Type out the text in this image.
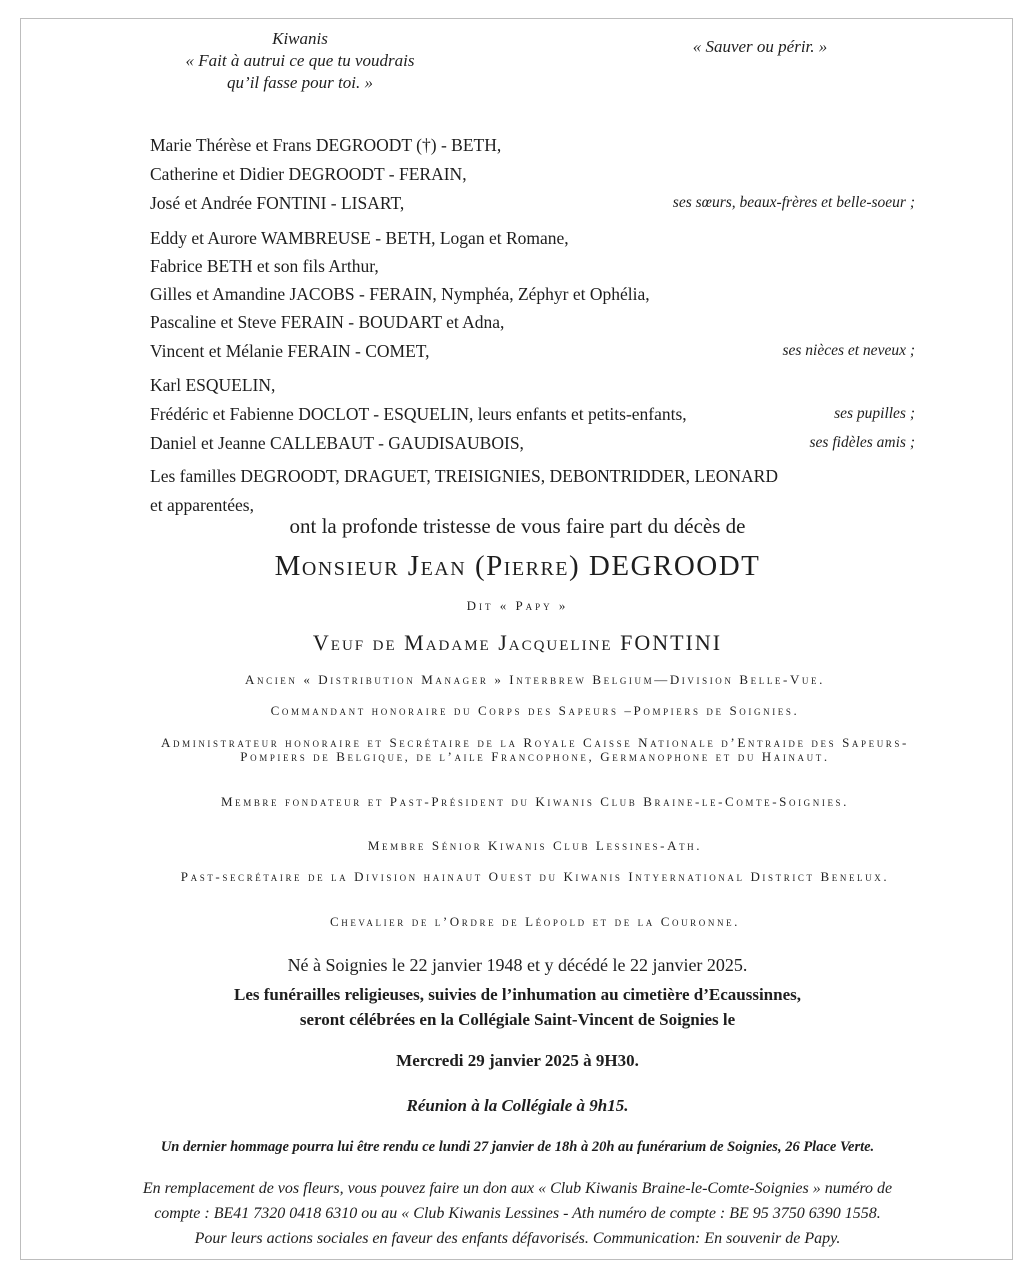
Kiwanis
« Fait à autrui ce que tu voudrais
qu’il fasse pour toi. »
« Sauver ou périr. »
Marie Thérèse et Frans DEGROODT (†) - BETH,
Catherine et Didier DEGROODT - FERAIN,
José et Andrée FONTINI - LISART,	ses sœurs, beaux-frères et belle-soeur ;
Eddy et Aurore WAMBREUSE - BETH, Logan et Romane,
Fabrice BETH et son fils Arthur,
Gilles et Amandine JACOBS - FERAIN, Nymphéa, Zéphyr et Ophélia,
Pascaline et Steve FERAIN - BOUDART et Adna,
Vincent et Mélanie FERAIN - COMET,	ses nièces et neveux ;
Karl ESQUELIN,
Frédéric et Fabienne DOCLOT - ESQUELIN, leurs enfants et petits-enfants,	ses pupilles ;
Daniel et Jeanne CALLEBAUT - GAUDISAUBOIS,	ses fidèles amis ;
Les familles DEGROODT, DRAGUET, TREISIGNIES, DEBONTRIDDER, LEONARD
et apparentées,
ont la profonde tristesse de vous faire part du décès de
Monsieur Jean (Pierre) DEGROODT
Dit « Papy »
Veuf de Madame Jacqueline FONTINI
Ancien « Distribution Manager » Interbrew Belgium—Division Belle-Vue.
Commandant honoraire du Corps des Sapeurs –Pompiers de Soignies.
Administrateur honoraire et Secrétaire de la Royale Caisse Nationale d’Entraide des Sapeurs-Pompiers de Belgique, de l’aile Francophone, Germanophone et du Hainaut.
Membre fondateur et Past-Président du Kiwanis Club Braine-le-Comte-Soignies.
Membre Sénior Kiwanis Club Lessines-Ath.
Past-secrétaire de la Division hainaut Ouest du Kiwanis Intyernational District Benelux.
Chevalier de l’Ordre de Léopold et de la Couronne.
Né à Soignies le 22 janvier 1948 et y décédé le 22 janvier 2025.
Les funérailles religieuses, suivies de l’inhumation au cimetière d’Ecaussinnes,
seront célébrées en la Collégiale Saint-Vincent de Soignies le
Mercredi 29 janvier 2025 à 9H30.
Réunion à la Collégiale à 9h15.
Un dernier hommage pourra lui être rendu ce lundi 27 janvier de 18h à 20h au funérarium de Soignies, 26 Place Verte.
En remplacement de vos fleurs, vous pouvez faire un don aux « Club Kiwanis Braine-le-Comte-Soignies » numéro de
compte : BE41 7320 0418 6310 ou au « Club Kiwanis Lessines - Ath numéro de compte : BE 95 3750 6390 1558.
Pour leurs actions sociales en faveur des enfants défavorisés. Communication: En souvenir de Papy.
